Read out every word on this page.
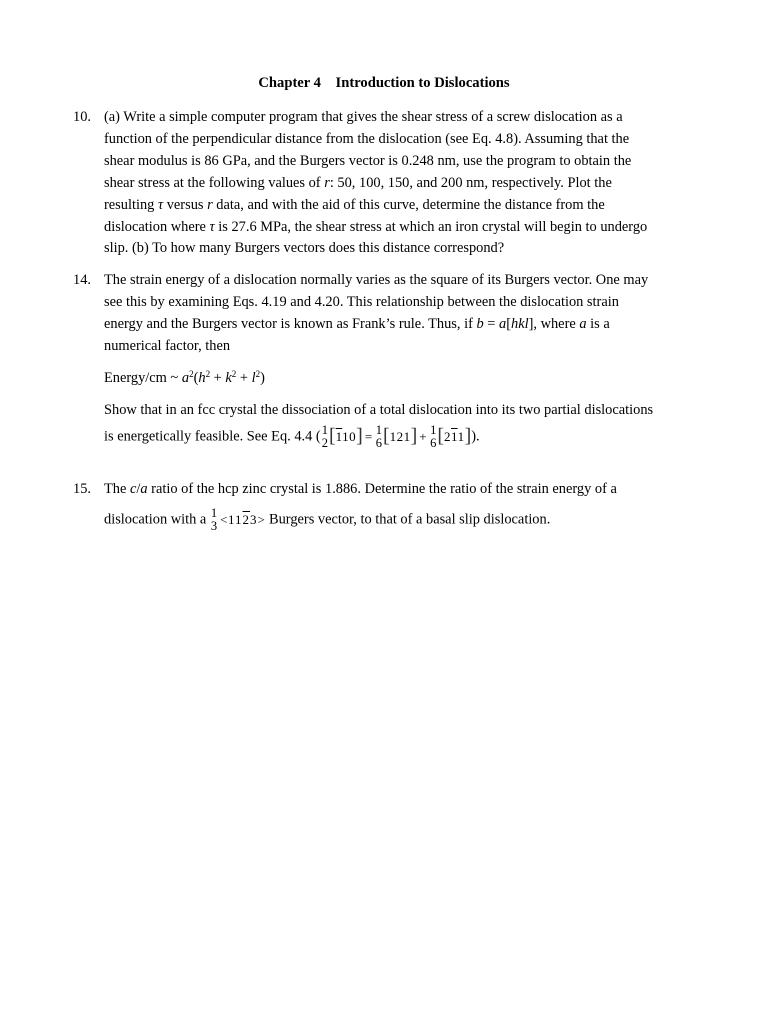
Chapter 4 Introduction to Dislocations
10. (a) Write a simple computer program that gives the shear stress of a screw dislocation as a

function of the perpendicular distance from the dislocation (see Eq. 4.8). Assuming that the

shear modulus is 86 GPa, and the Burgers vector is 0.248 nm, use the program to obtain the

shear stress at the following values of r: 50, 100, 150, and 200 nm, respectively. Plot the

resulting τ versus r data, and with the aid of this curve, determine the distance from the

dislocation where τ is 27.6 MPa, the shear stress at which an iron crystal will begin to undergo

slip. (b) To how many Burgers vectors does this distance correspond?

14. The strain energy of a dislocation normally varies as the square of its Burgers vector. One may

see this by examining Eqs. 4.19 and 4.20. This relationship between the dislocation strain

energy and the Burgers vector is known as Frank’s rule. Thus, if b = a[hkl], where a is a

numerical factor, then

Energy/cm ~ $a^2(h^2 + k^2 + l^2)$

Show that in an fcc crystal the dissociation of a total dislocation into its two partial dislocations

is energetically feasible. See Eq. 4.4 ( 1
2 [ 110 ] = 1
6 [ 121 ] + 1
6 [ 211 ] ).

15. The c/a ratio of the hcp zinc crystal is 1.886. Determine the ratio of the strain energy of a

dislocation with a 1
3 < 1123 > Burgers vector, to that of a basal slip dislocation.
